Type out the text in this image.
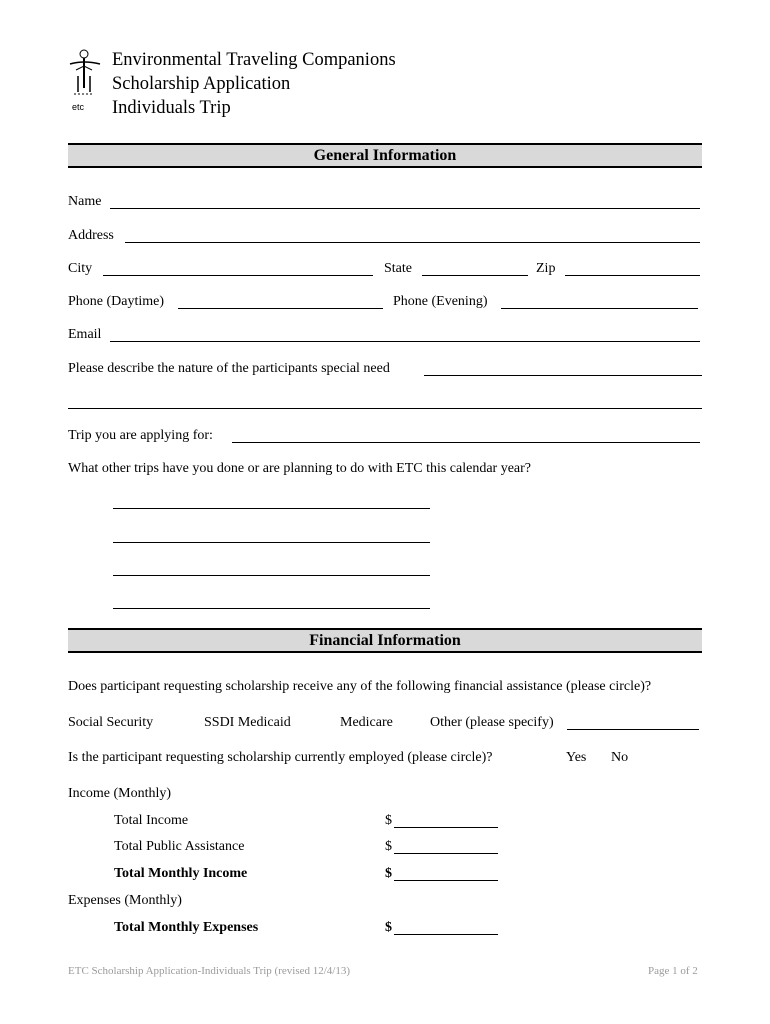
etc
Environmental Traveling Companions
Scholarship Application
Individuals Trip
General Information
Name
Address
City	State	Zip
Phone (Daytime)	Phone (Evening)
Email
Please describe the nature of the participants special need
Trip you are applying for:
What other trips have you done or are planning to do with ETC this calendar year?
Financial Information
Does participant requesting scholarship receive any of the following financial assistance (please circle)?
Social Security	SSDI Medicaid	Medicare	Other (please specify)
Is the participant requesting scholarship currently employed (please circle)?	Yes No
Income (Monthly)
Total Income	$
Total Public Assistance	$
Total Monthly Income	$
Expenses (Monthly)
Total Monthly Expenses	$
ETC Scholarship Application-Individuals Trip (revised 12/4/13)	Page 1 of 2
